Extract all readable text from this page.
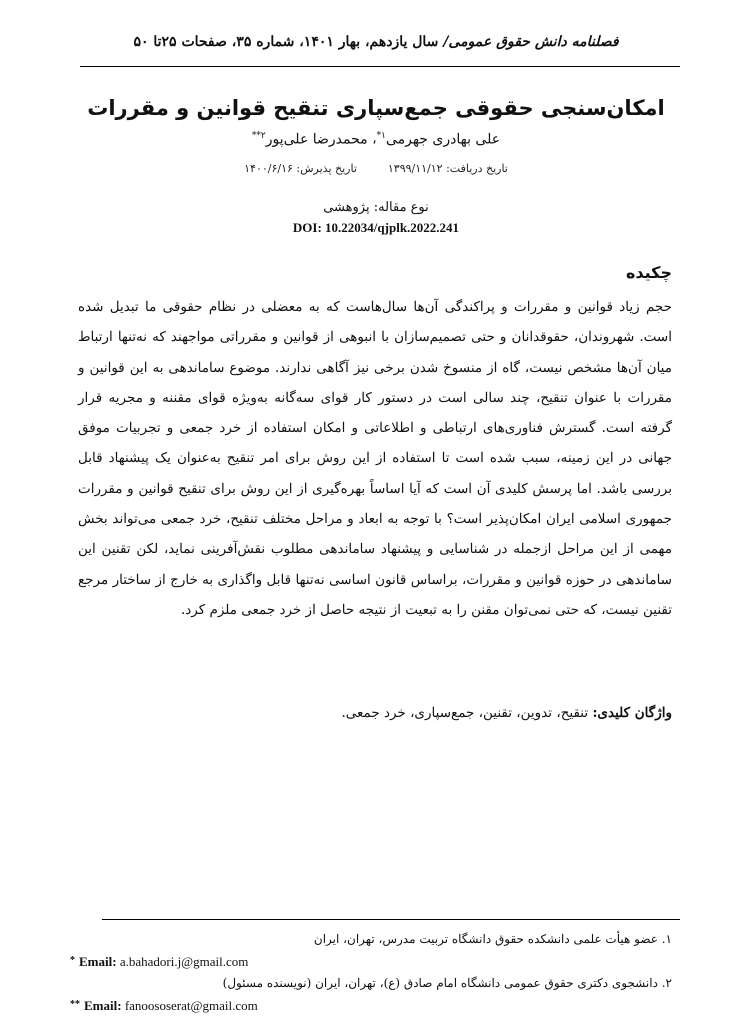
فصلنامه دانش حقوق عمومی/ سال یازدهم، بهار ۱۴۰۱، شماره ۳۵، صفحات ۲۵تا ۵۰
امکان‌سنجی حقوقی جمع‌سپاری تنقیح قوانین و مقررات
علی بهادری جهرمی$^{۱*}$، محمدرضا علی‌پور$^{۲**}$
تاریخ دریافت: ۱۳۹۹/۱۱/۱۲  تاریخ پذیرش: ۱۴۰۰/۶/۱۶
نوع مقاله: پژوهشی
DOI: 10.22034/qjplk.2022.241
چکیده

حجم زیاد قوانین و مقررات و پراکندگی آن‌ها سال‌هاست که به معضلی در نظام حقوقی ما تبدیل شده است. شهروندان، حقوقدانان و حتی تصمیم‌سازان با انبوهی از قوانین و مقرراتی مواجهند که نه‌تنها ارتباط میان آن‌ها مشخص نیست، گاه از منسوخ شدن برخی نیز آگاهی ندارند. موضوع ساماندهی به این قوانین و مقررات با عنوان تنقیح، چند سالی است در دستور کار قوای سه‌گانه به‌ویژه قوای مقننه و مجریه قرار گرفته است. گسترش فناوری‌های ارتباطی و اطلاعاتی و امکان استفاده از خرد جمعی و تجربیات موفق جهانی در این زمینه، سبب شده است تا استفاده از این روش برای امر تنقیح به‌عنوان یک پیشنهاد قابل بررسی باشد. اما پرسش کلیدی آن است که آیا اساساً بهره‌گیری از این روش برای تنقیح قوانین و مقررات جمهوری اسلامی ایران امکان‌پذیر است؟ با توجه به ابعاد و مراحل مختلف تنقیح، خرد جمعی می‌تواند بخش مهمی از این مراحل ازجمله در شناسایی و پیشنهاد ساماندهی مطلوب نقش‌آفرینی نماید، لکن تقنین این ساماندهی در حوزه قوانین و مقررات، براساس قانون اساسی نه‌تنها قابل واگذاری به خارج از ساختار مرجع تقنین نیست، که حتی نمی‌توان مقنن را به تبعیت از نتیجه حاصل از خرد جمعی ملزم کرد.

واژگان کلیدی: تنقیح، تدوین، تقنین، جمع‌سپاری، خرد جمعی.
۱. عضو هیأت علمی دانشکده حقوق دانشگاه تربیت مدرس، تهران، ایران
* Email: a.bahadori.j@gmail.com
۲. دانشجوی دکتری حقوق عمومی دانشگاه امام صادق (ع)، تهران، ایران (نویسنده مسئول)
** Email: fanoososerat@gmail.com
